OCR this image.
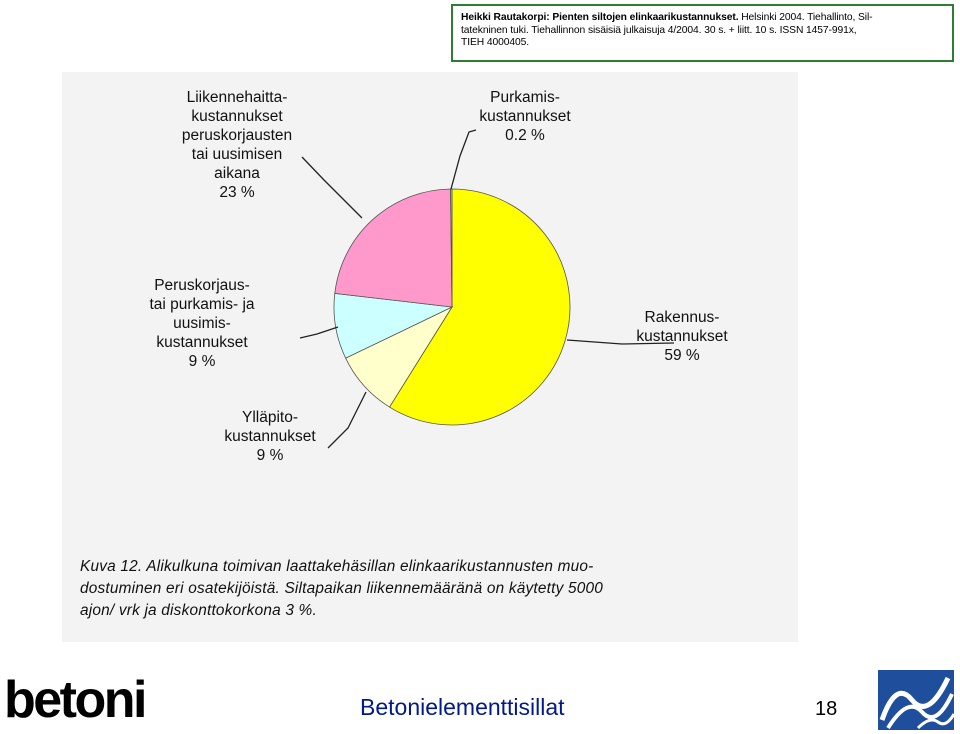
Heikki Rautakorpi: Pienten siltojen elinkaarikustannukset. Helsinki 2004. Tiehallinto, Sil-
tatekninen tuki. Tiehallinnon sisäisiä julkaisuja 4/2004. 30 s. + liitt. 10 s. ISSN 1457-991x,
TIEH 4000405.
Rakennus-kustannukset 59 %
Ylläpito-kustannukset 9 %
Peruskorjaus-tai purkamis- ja uusimis-kustannukset 9 %
Liikennehaitta-kustannukset peruskorjausten tai uusimisen aikana 23 %
Purkamis-kustannukset 0.2 %
Kuva 12. Alikulkuna toimivan laattakehäsillan elinkaarikustannusten muo-
dostuminen eri osatekijöistä. Siltapaikan liikennemääränä on käytetty 5000
ajon/ vrk ja diskonttokorkona 3 %.
betoni	Betonielementtisillat	18
